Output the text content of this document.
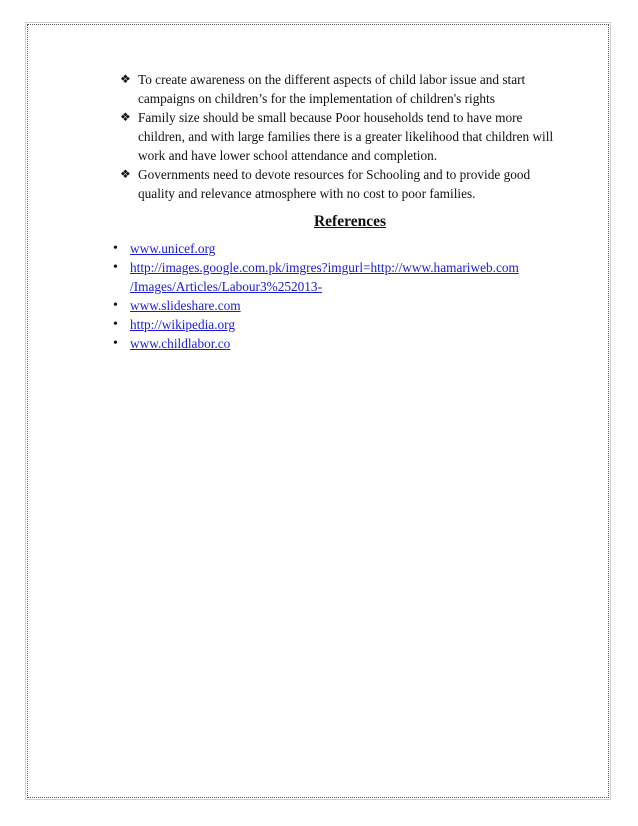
❖ To create awareness on the different aspects of child labor issue and start campaigns on children’s for the implementation of children's rights
❖ Family size should be small because Poor households tend to have more children, and with large families there is a greater likelihood that children will work and have lower school attendance and completion.
❖ Governments need to devote resources for Schooling and to provide good quality and relevance atmosphere with no cost to poor families.
References
• www.unicef.org
• http://images.google.com.pk/imgres?imgurl=http://www.hamariweb.com
/Images/Articles/Labour3%252013-
• www.slideshare.com
• http://wikipedia.org
• www.childlabor.co
